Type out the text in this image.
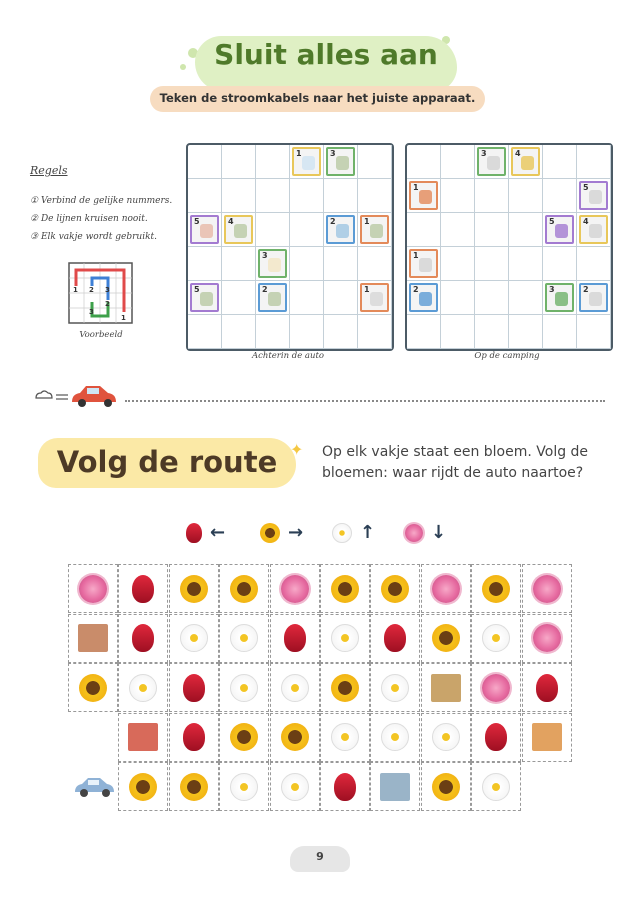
Sluit alles aan
Teken de stroomkabels naar het juiste apparaat.
Regels
① Verbind de gelijke nummers.
② De lijnen kruisen nooit.
③ Elk vakje wordt gebruikt.
1 2 3
3
2
1
Voorbeeld
1	3
5	4	2	1
3
5	2	1
Achterin de auto
3	4
1	5
5	4
1
2	3	2
Op de camping
Volg de route ✦ Op elk vakje staat een bloem. Volg de bloemen: waar rijdt de auto naartoe?
←	→	↑	↓
9
